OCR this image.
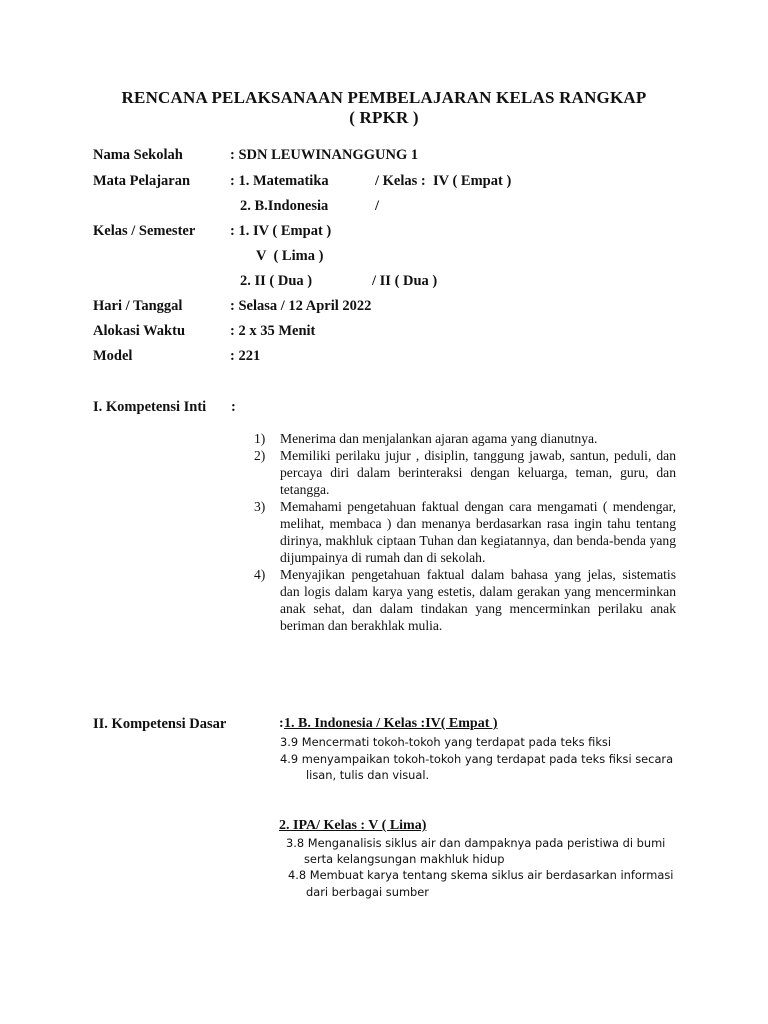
RENCANA PELAKSANAAN PEMBELAJARAN KELAS RANGKAP
( RPKR )
Nama Sekolah	: SDN LEUWINANGGUNG 1
Mata Pelajaran	: 1. Matematika	/ Kelas :  IV ( Empat )
2. B.Indonesia	/
Kelas / Semester : 1. IV ( Empat )
V  ( Lima )
2. II ( Dua )	/ II ( Dua )
Hari / Tanggal	: Selasa / 12 April 2022
Alokasi Waktu	: 2 x 35 Menit
Model	: 221
I. Kompetensi Inti :
1) Menerima dan menjalankan ajaran agama yang dianutnya.
2) Memiliki perilaku jujur , disiplin, tanggung jawab, santun, peduli, dan percaya diri dalam berinteraksi dengan keluarga, teman, guru, dan tetangga.
3) Memahami pengetahuan faktual dengan cara mengamati ( mendengar, melihat, membaca ) dan menanya berdasarkan rasa ingin tahu tentang dirinya, makhluk ciptaan Tuhan dan kegiatannya, dan benda-benda yang dijumpainya di rumah dan di sekolah.
4) Menyajikan pengetahuan faktual dalam bahasa yang jelas, sistematis dan logis dalam karya yang estetis, dalam gerakan yang mencerminkan anak sehat, dan dalam tindakan yang mencerminkan perilaku anak beriman dan berakhlak mulia.
II. Kompetensi Dasar	: 1. B. Indonesia / Kelas :IV( Empat )
3.9 Mencermati tokoh-tokoh yang terdapat pada teks fiksi
4.9 menyampaikan tokoh-tokoh yang terdapat pada teks fiksi secara
lisan, tulis dan visual.
2. IPA/ Kelas : V ( Lima)
3.8 Menganalisis siklus air dan dampaknya pada peristiwa di bumi
serta kelangsungan makhluk hidup
4.8 Membuat karya tentang skema siklus air berdasarkan informasi
dari berbagai sumber
